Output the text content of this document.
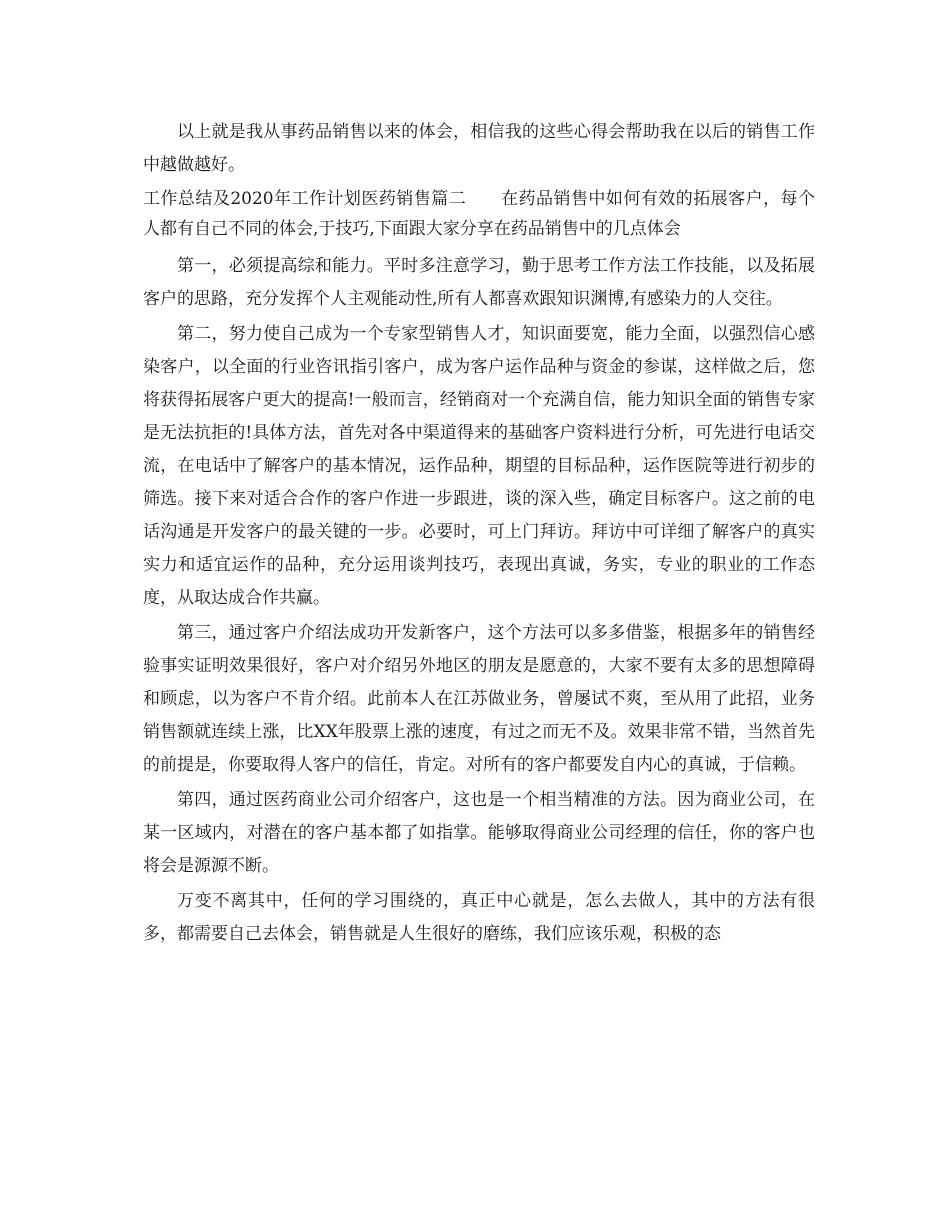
以上就是我从事药品销售以来的体会，相信我的这些心得会帮助我在以后的销售工作中越做越好。

工作总结及2020年工作计划医药销售篇二　　在药品销售中如何有效的拓展客户，每个人都有自己不同的体会,于技巧,下面跟大家分享在药品销售中的几点体会

第一，必须提高综和能力。平时多注意学习，勤于思考工作方法工作技能，以及拓展客户的思路，充分发挥个人主观能动性,所有人都喜欢跟知识渊博,有感染力的人交往。

第二，努力使自己成为一个专家型销售人才，知识面要宽，能力全面，以强烈信心感染客户，以全面的行业咨讯指引客户，成为客户运作品种与资金的参谋，这样做之后，您将获得拓展客户更大的提高!一般而言，经销商对一个充满自信，能力知识全面的销售专家是无法抗拒的!具体方法，首先对各中渠道得来的基础客户资料进行分析，可先进行电话交流，在电话中了解客户的基本情况，运作品种，期望的目标品种，运作医院等进行初步的筛选。接下来对适合合作的客户作进一步跟进，谈的深入些，确定目标客户。这之前的电话沟通是开发客户的最关键的一步。必要时，可上门拜访。拜访中可详细了解客户的真实实力和适宜运作的品种，充分运用谈判技巧，表现出真诚，务实，专业的职业的工作态度，从取达成合作共赢。

第三，通过客户介绍法成功开发新客户，这个方法可以多多借鉴，根据多年的销售经验事实证明效果很好，客户对介绍另外地区的朋友是愿意的，大家不要有太多的思想障碍和顾虑，以为客户不肯介绍。此前本人在江苏做业务，曾屡试不爽，至从用了此招，业务销售额就连续上涨，比XX年股票上涨的速度，有过之而无不及。效果非常不错，当然首先的前提是，你要取得人客户的信任，肯定。对所有的客户都要发自内心的真诚，于信赖。

第四，通过医药商业公司介绍客户，这也是一个相当精准的方法。因为商业公司，在某一区域内，对潜在的客户基本都了如指掌。能够取得商业公司经理的信任，你的客户也将会是源源不断。

万变不离其中，任何的学习围绕的，真正中心就是，怎么去做人，其中的方法有很多，都需要自己去体会，销售就是人生很好的磨练，我们应该乐观，积极的态
